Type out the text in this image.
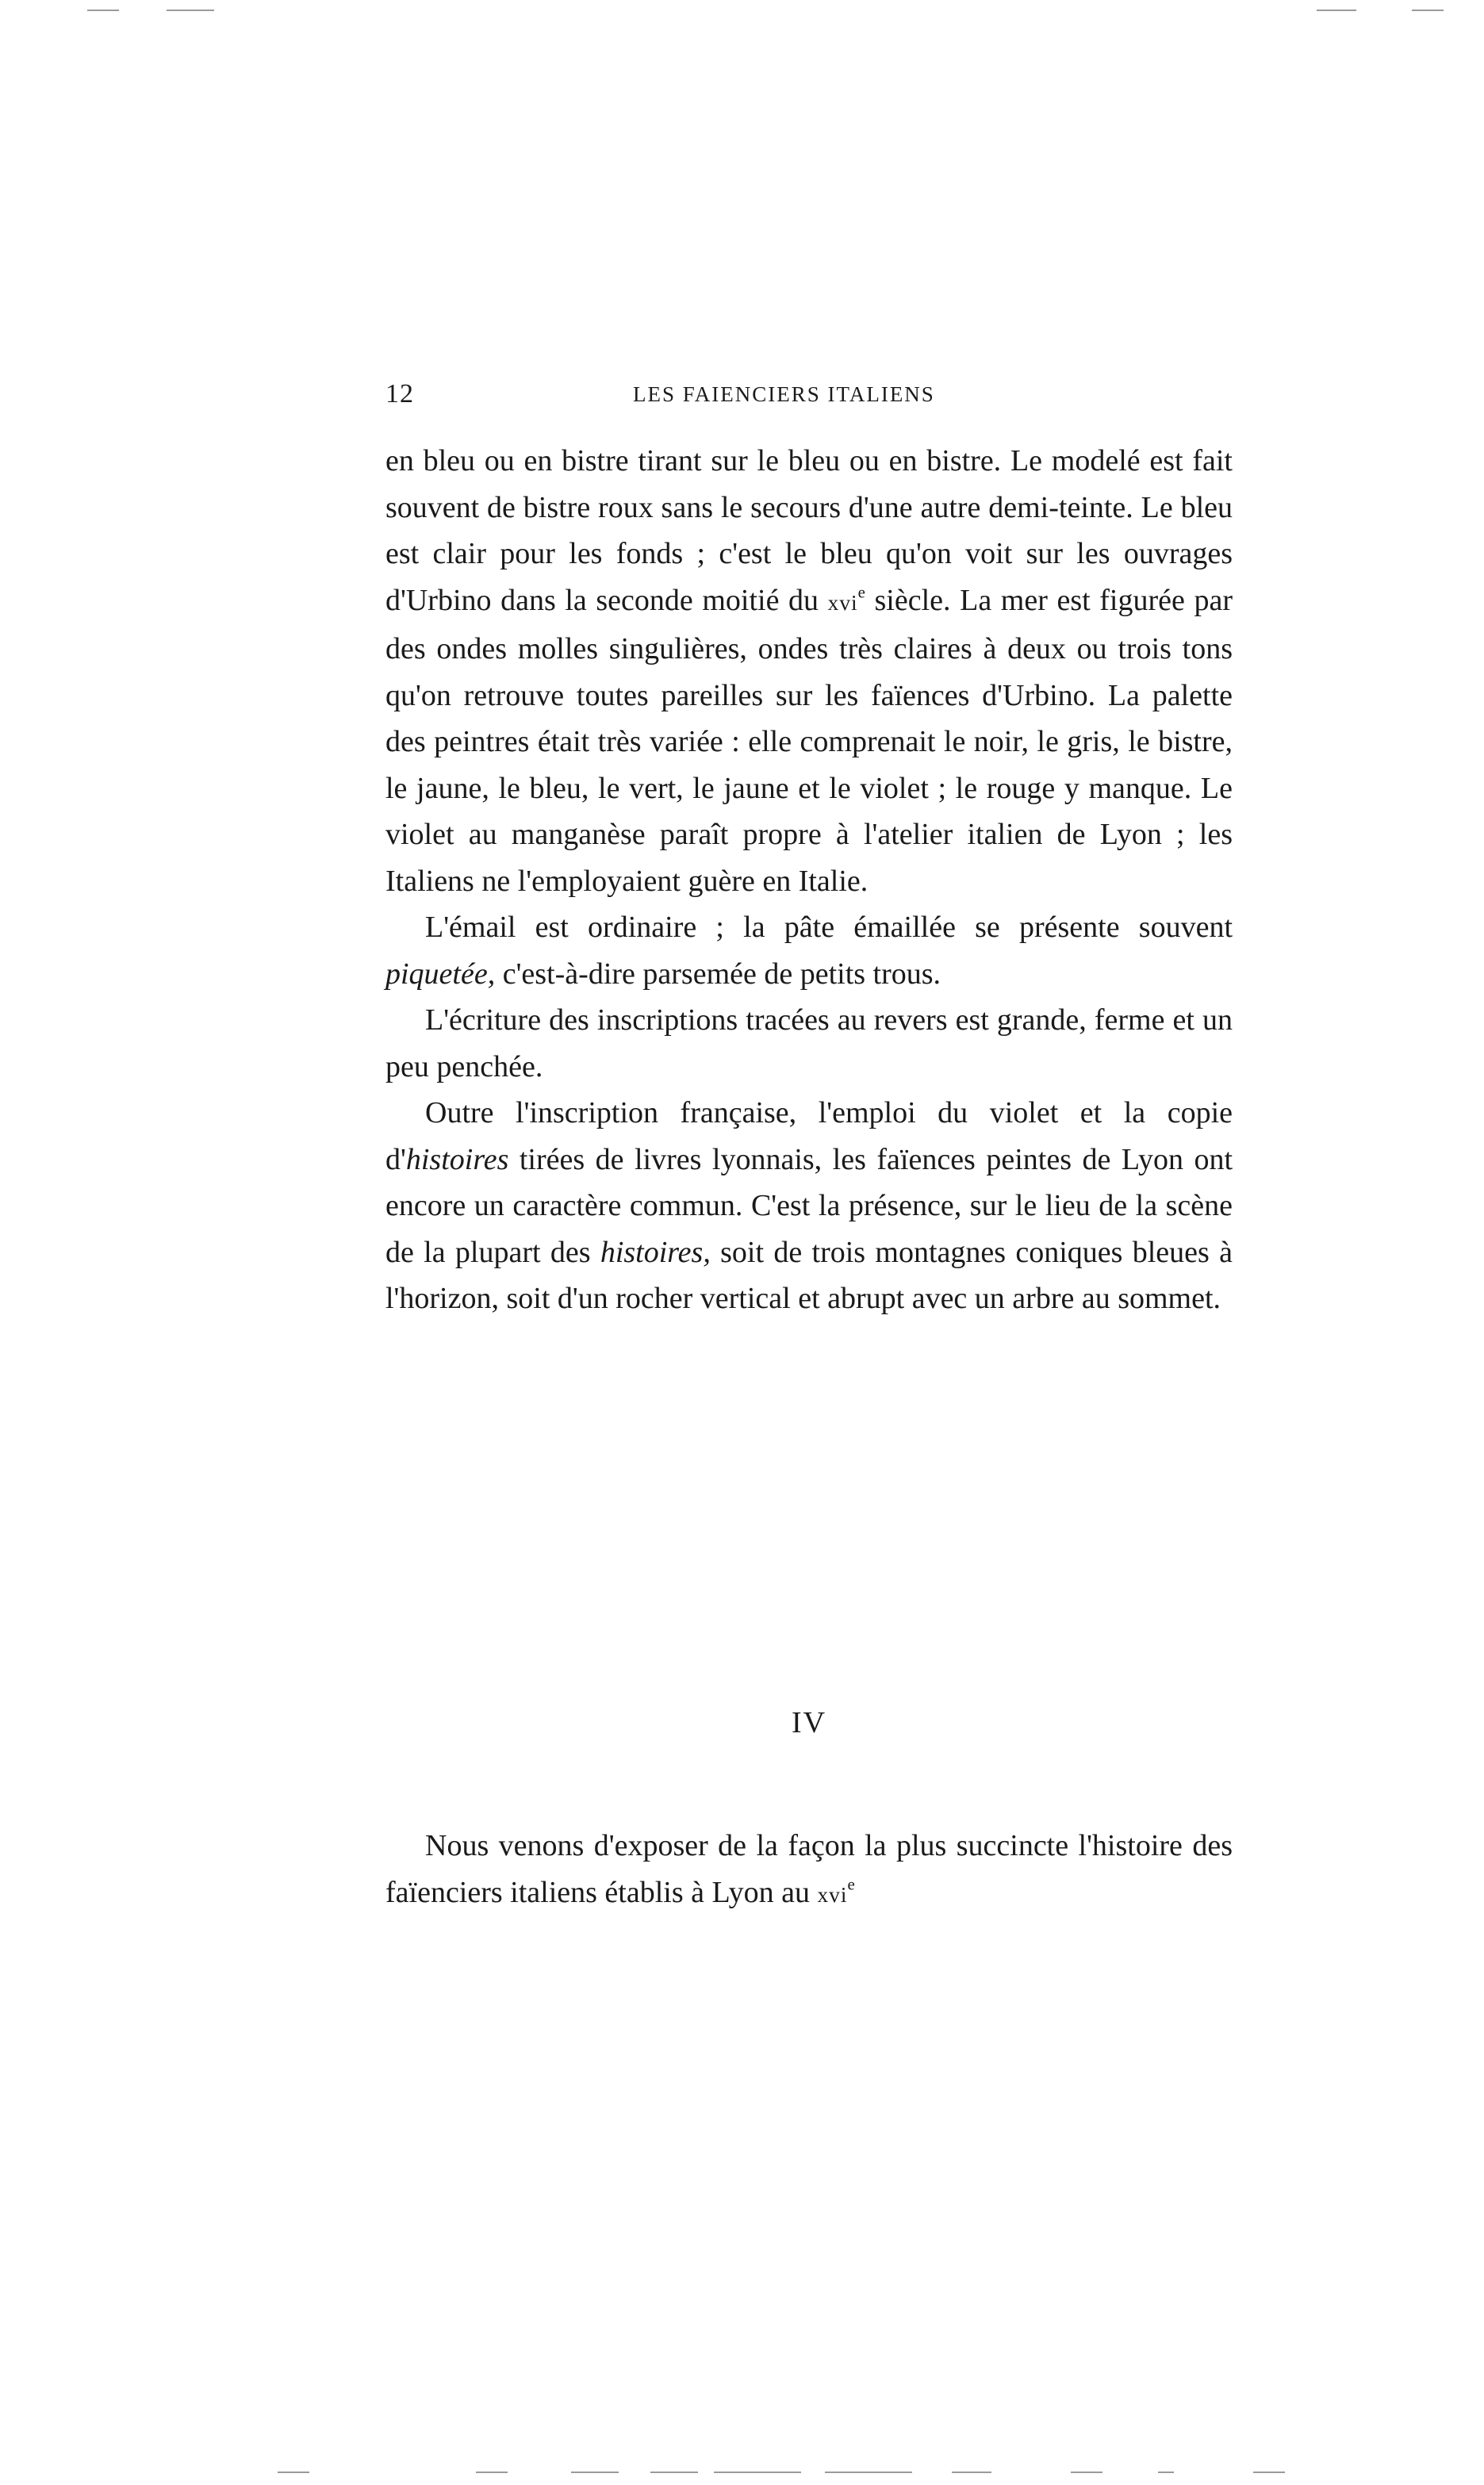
12	LES FAIENCIERS ITALIENS

en bleu ou en bistre tirant sur le bleu ou en bistre. Le modelé est fait souvent de bistre roux sans le secours d'une autre demi-teinte. Le bleu est clair pour les fonds ; c'est le bleu qu'on voit sur les ouvrages d'Urbino dans la seconde moitié du xvi$^e$ siècle. La mer est figurée par des ondes molles singulières, ondes très claires à deux ou trois tons qu'on retrouve toutes pareilles sur les faïences d'Urbino. La palette des peintres était très variée : elle comprenait le noir, le gris, le bistre, le jaune, le bleu, le vert, le jaune et le violet ; le rouge y manque. Le violet au manganèse paraît propre à l'atelier italien de Lyon ; les Italiens ne l'employaient guère en Italie.

L'émail est ordinaire ; la pâte émaillée se présente souvent piquetée, c'est-à-dire parsemée de petits trous.

L'écriture des inscriptions tracées au revers est grande, ferme et un peu penchée.

Outre l'inscription française, l'emploi du violet et la copie d'histoires tirées de livres lyonnais, les faïences peintes de Lyon ont encore un caractère commun. C'est la présence, sur le lieu de la scène de la plupart des histoires, soit de trois montagnes coniques bleues à l'horizon, soit d'un rocher vertical et abrupt avec un arbre au sommet.

IV

Nous venons d'exposer de la façon la plus succincte l'histoire des faïenciers italiens établis à Lyon au xvi$^e$
